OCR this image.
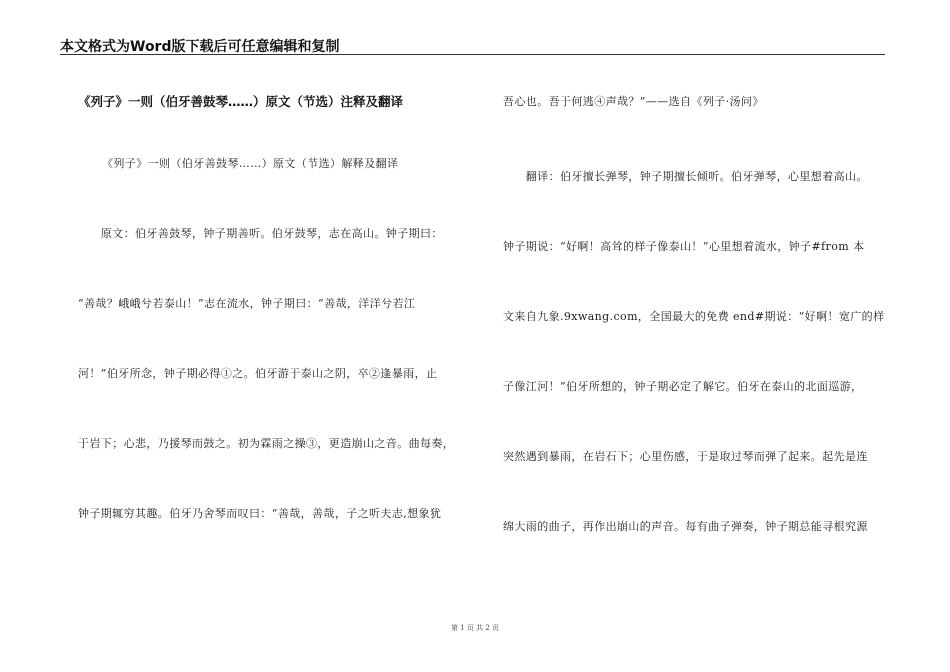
本文格式为Word版下载后可任意编辑和复制
《列子》一则（伯牙善鼓琴……）原文（节选）注释及翻译
《列子》一则（伯牙善鼓琴……）原文（节选）解释及翻译
　　原文：伯牙善鼓琴，钟子期善听。伯牙鼓琴，志在高山。钟子期曰：
“善哉？峨峨兮若泰山！”志在流水，钟子期曰：“善哉，洋洋兮若江
河！”伯牙所念，钟子期必得①之。伯牙游于泰山之阴，卒②逢暴雨，止
于岩下；心悲，乃援琴而鼓之。初为霖雨之操③，更造崩山之音。曲每奏，
钟子期辄穷其趣。伯牙乃舍琴而叹曰：“善哉，善哉，子之听夫志,想象犹
吾心也。吾于何逃④声哉？”——选自《列子·汤问》
　　翻译：伯牙擅长弹琴，钟子期擅长倾听。伯牙弹琴，心里想着高山。
钟子期说：“好啊！高耸的样子像泰山！”心里想着流水，钟子#from 本
文来自九象.9xwang.com，全国最大的免费 end#期说：“好啊！宽广的样
子像江河！”伯牙所想的，钟子期必定了解它。伯牙在泰山的北面巡游，
突然遇到暴雨，在岩石下；心里伤感，于是取过琴而弹了起来。起先是连
绵大雨的曲子，再作出崩山的声音。每有曲子弹奏，钟子期总能寻根究源
第 1 页 共 2 页
